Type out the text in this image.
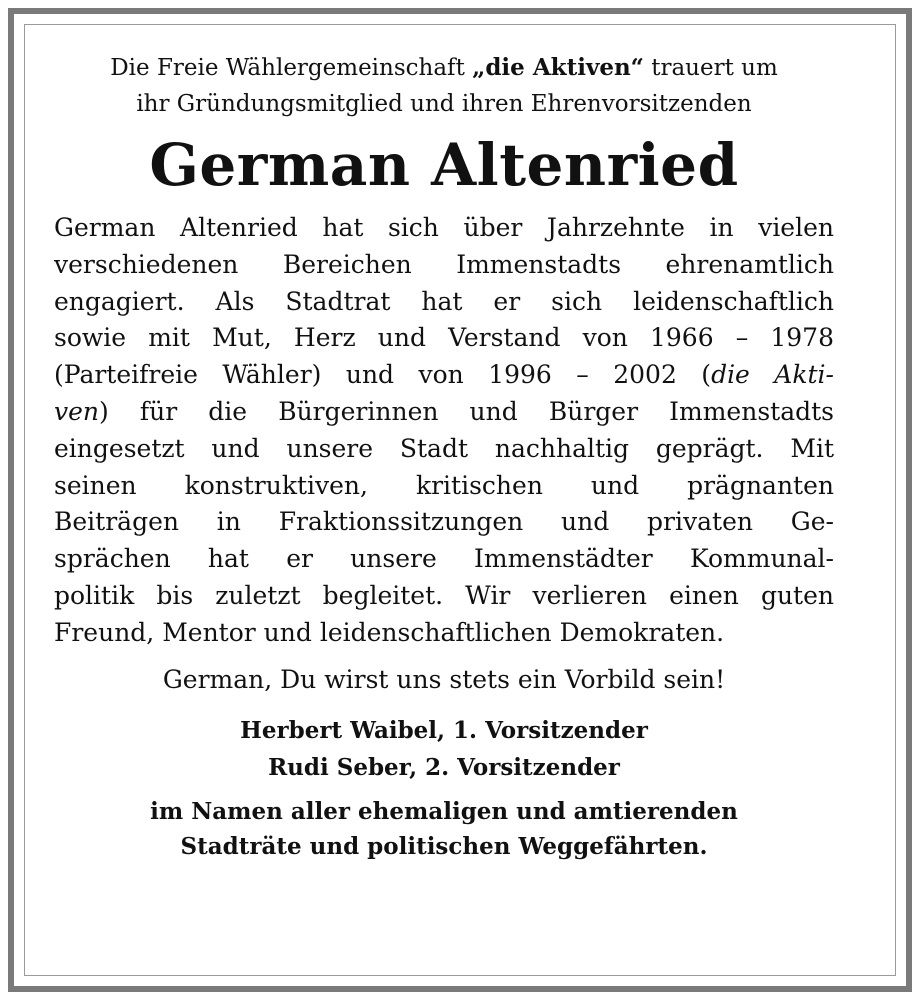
Die Freie Wählergemeinschaft „die Aktiven“ trauert um
ihr Gründungsmitglied und ihren Ehrenvorsitzenden

German Altenried
German Altenried hat sich über Jahrzehnte in vielen
verschiedenen Bereichen Immenstadts ehrenamtlich
engagiert. Als Stadtrat hat er sich leidenschaftlich
sowie mit Mut, Herz und Verstand von 1966 – 1978
(Parteifreie Wähler) und von 1996 – 2002 (die Akti-
ven) für die Bürgerinnen und Bürger Immenstadts
eingesetzt und unsere Stadt nachhaltig geprägt. Mit
seinen konstruktiven, kritischen und prägnanten
Beiträgen in Fraktionssitzungen und privaten Ge-
sprächen hat er unsere Immenstädter Kommunal-
politik bis zuletzt begleitet. Wir verlieren einen guten
Freund, Mentor und leidenschaftlichen Demokraten.

German, Du wirst uns stets ein Vorbild sein!

Herbert Waibel, 1. Vorsitzender

Rudi Seber, 2. Vorsitzender

im Namen aller ehemaligen und amtierenden
Stadträte und politischen Weggefährten.
